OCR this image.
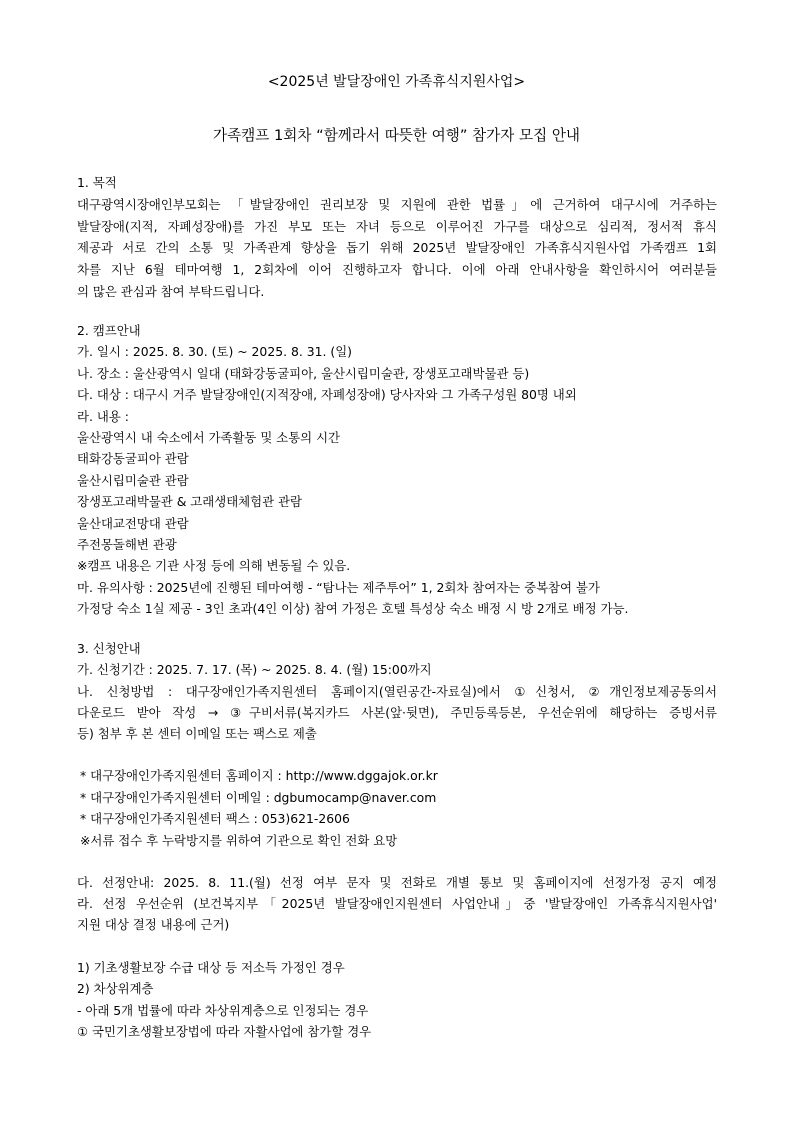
<2025년 발달장애인 가족휴식지원사업>
가족캠프 1회차 “함께라서 따뜻한 여행” 참가자 모집 안내
1. 목적
대구광역시장애인부모회는 「발달장애인 권리보장 및 지원에 관한 법률」에 근거하여 대구시에 거주하는
발달장애(지적, 자폐성장애)를 가진 부모 또는 자녀 등으로 이루어진 가구를 대상으로 심리적, 정서적 휴식
제공과 서로 간의 소통 및 가족관계 향상을 돕기 위해 2025년 발달장애인 가족휴식지원사업 가족캠프 1회
차를 지난 6월 테마여행 1, 2회차에 이어 진행하고자 합니다. 이에 아래 안내사항을 확인하시어 여러분들
의 많은 관심과 참여 부탁드립니다.
2. 캠프안내
가. 일시 : 2025. 8. 30. (토) ~ 2025. 8. 31. (일)
나. 장소 : 울산광역시 일대 (태화강동굴피아, 울산시립미술관, 장생포고래박물관 등)
다. 대상 : 대구시 거주 발달장애인(지적장애, 자폐성장애) 당사자와 그 가족구성원 80명 내외
라. 내용 :
울산광역시 내 숙소에서 가족활동 및 소통의 시간
태화강동굴피아 관람
울산시립미술관 관람
장생포고래박물관 & 고래생태체험관 관람
울산대교전망대 관람
주전몽돌해변 관광
※캠프 내용은 기관 사정 등에 의해 변동될 수 있음.
마. 유의사항 : 2025년에 진행된 테마여행 - “탐나는 제주투어” 1, 2회차 참여자는 중복참여 불가
가정당 숙소 1실 제공 - 3인 초과(4인 이상) 참여 가정은 호텔 특성상 숙소 배정 시 방 2개로 배정 가능.
3. 신청안내
가. 신청기간 : 2025. 7. 17. (목) ~ 2025. 8. 4. (월) 15:00까지
나. 신청방법 : 대구장애인가족지원센터 홈페이지(열린공간-자료실)에서 ①신청서, ②개인정보제공동의서
다운로드 받아 작성 → ③구비서류(복지카드 사본(앞·뒷면), 주민등록등본, 우선순위에 해당하는 증빙서류
등) 첨부 후 본 센터 이메일 또는 팩스로 제출
* 대구장애인가족지원센터 홈페이지 : http://www.dggajok.or.kr
* 대구장애인가족지원센터 이메일 : dgbumocamp@naver.com
* 대구장애인가족지원센터 팩스 : 053)621-2606
※서류 접수 후 누락방지를 위하여 기관으로 확인 전화 요망
다. 선정안내: 2025. 8. 11.(월) 선정 여부 문자 및 전화로 개별 통보 및 홈페이지에 선정가정 공지 예정
라. 선정 우선순위 (보건복지부「2025년 발달장애인지원센터 사업안내」중 '발달장애인 가족휴식지원사업'
지원 대상 결정 내용에 근거)
1) 기초생활보장 수급 대상 등 저소득 가정인 경우
2) 차상위계층
- 아래 5개 법률에 따라 차상위계층으로 인정되는 경우
① 국민기초생활보장법에 따라 자활사업에 참가할 경우
